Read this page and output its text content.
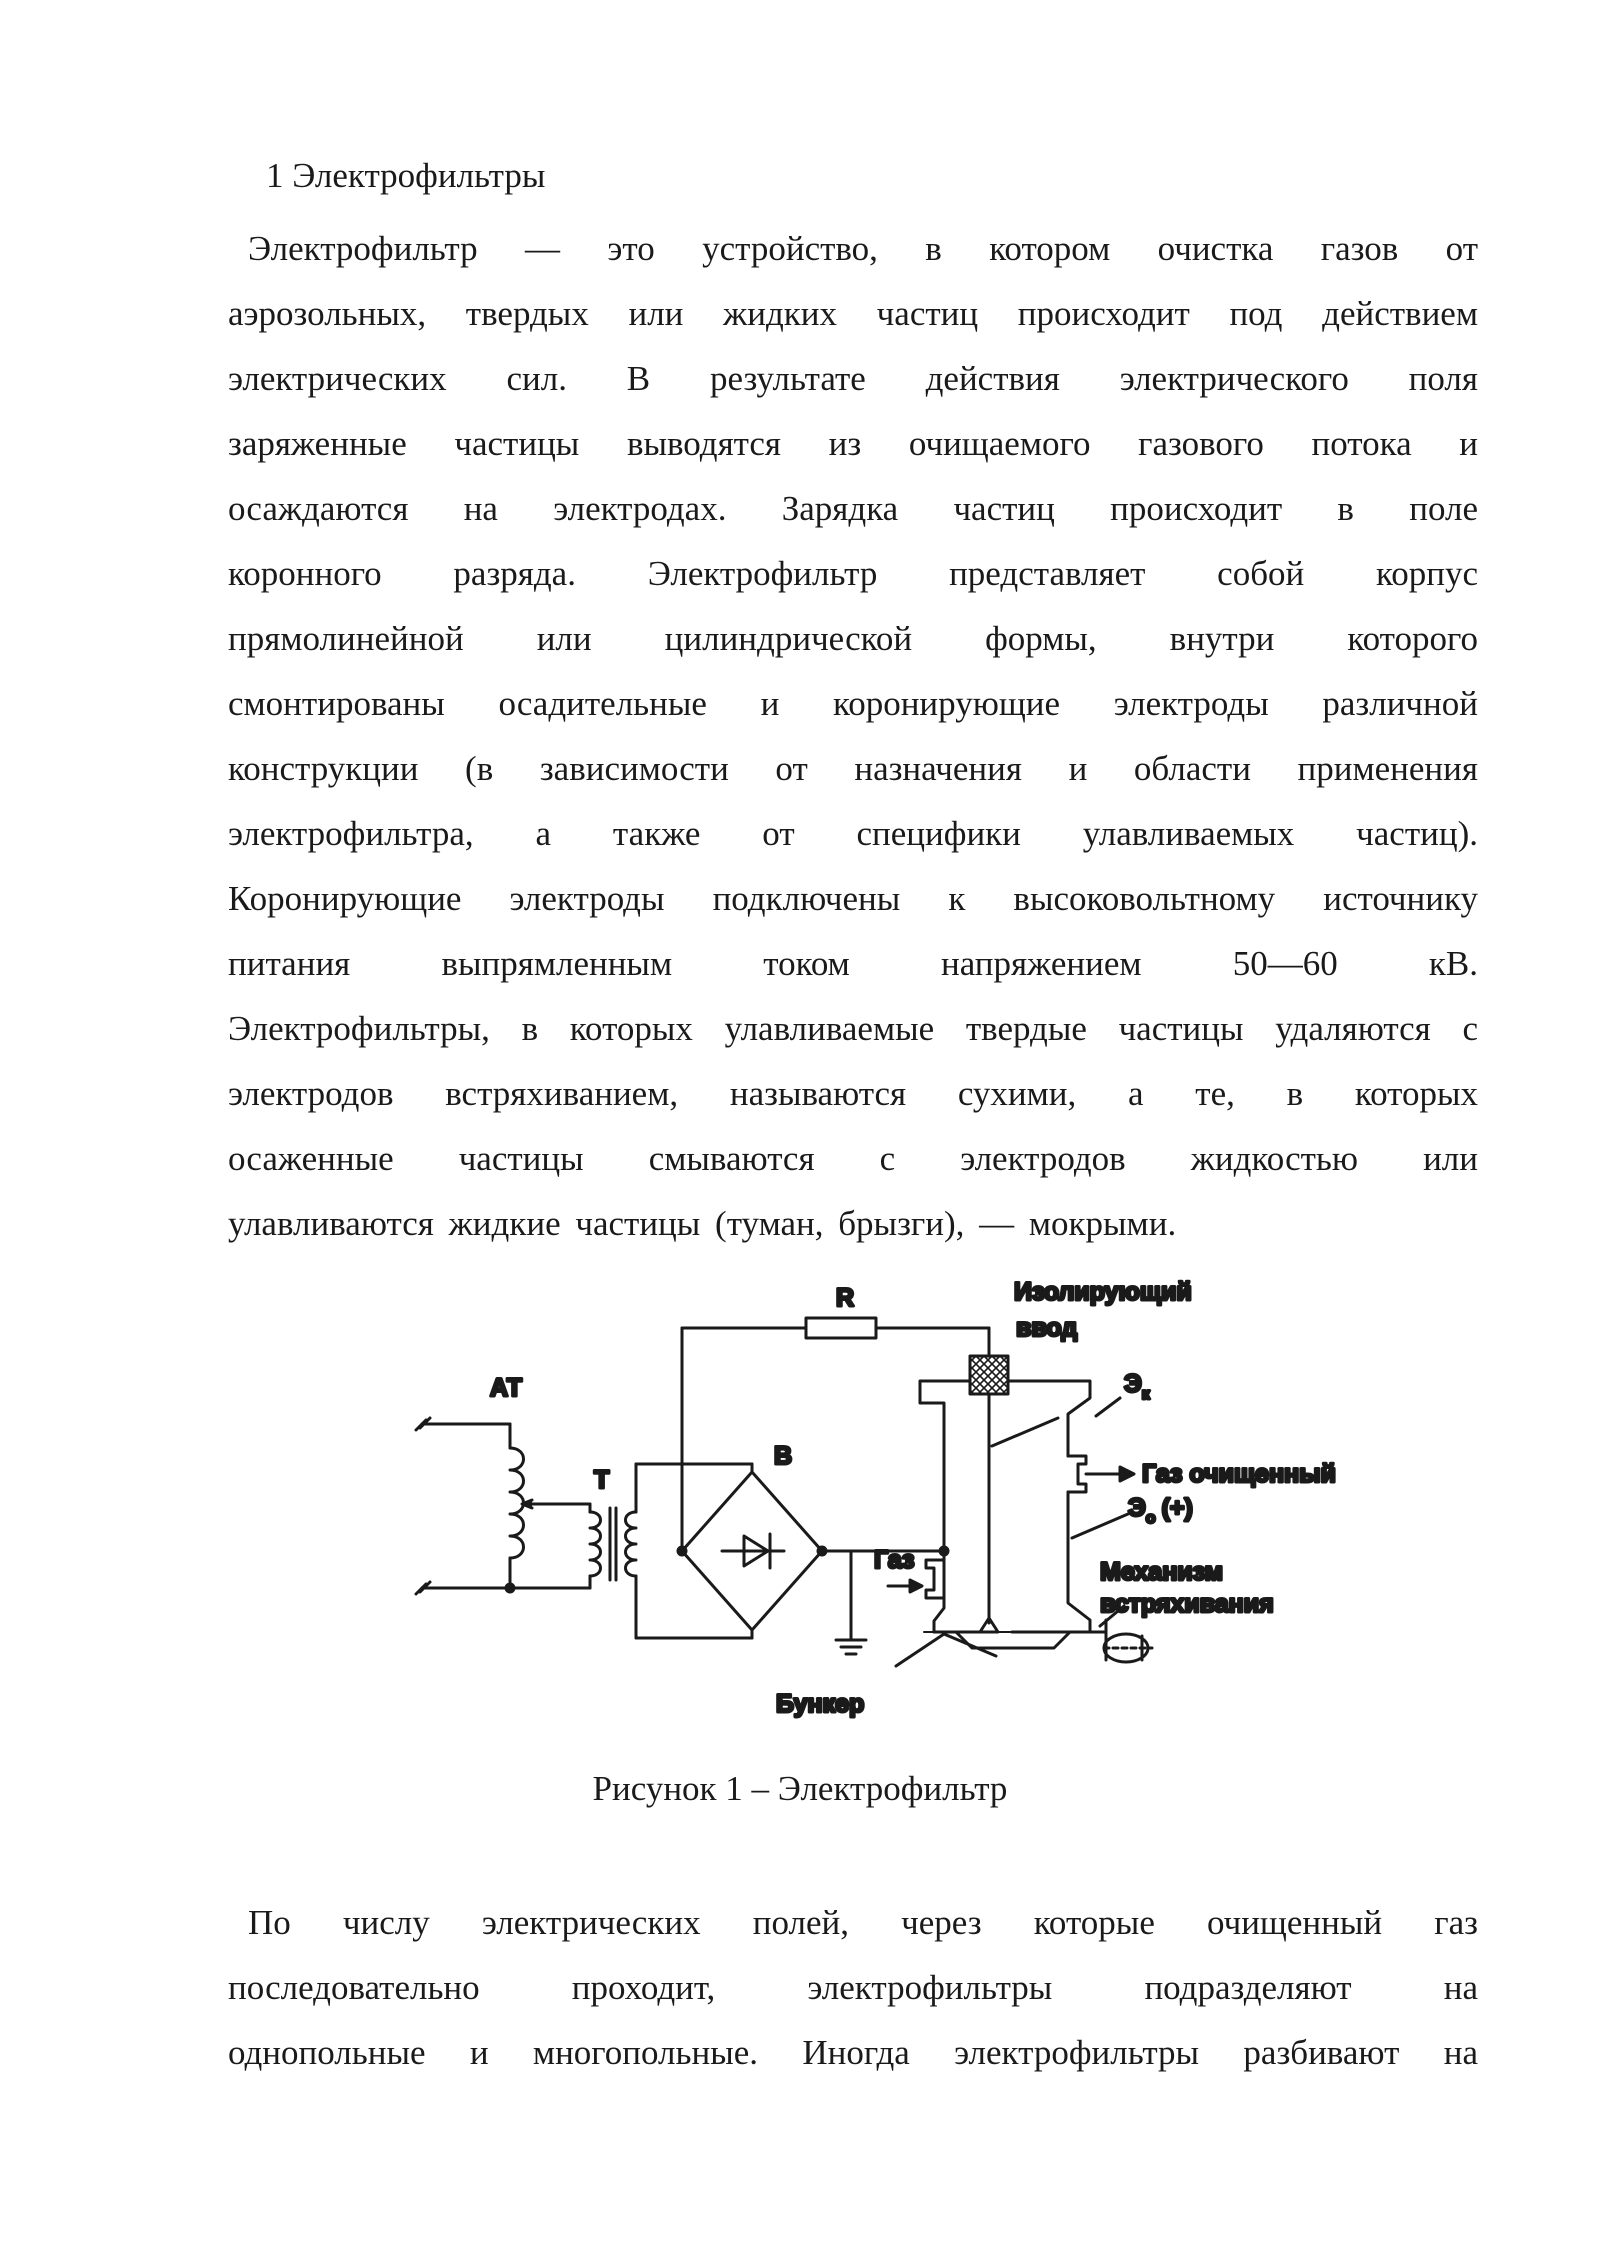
1 Электрофильтры
Электрофильтр — это устройство, в котором очистка газов от
аэрозольных, твердых или жидких частиц происходит под действием
электрических сил. В результате действия электрического поля
заряженные частицы выводятся из очищаемого газового потока и
осаждаются на электродах. Зарядка частиц происходит в поле
коронного разряда. Электрофильтр представляет собой корпус
прямолинейной или цилиндрической формы, внутри которого
смонтированы осадительные и коронирующие электроды различной
конструкции (в зависимости от назначения и области применения
электрофильтра, а также от специфики улавливаемых частиц).
Коронирующие электроды подключены к высоковольтному источнику
питания выпрямленным током напряжением 50—60 кВ.
Электрофильтры, в которых улавливаемые твердые частицы удаляются с
электродов встряхиванием, называются сухими, а те, в которых
осаженные частицы смываются с электродов жидкостью или
улавливаются жидкие частицы (туман, брызги), — мокрыми.
АТ
Т
В
R	Изолирующий
ввод
$Э_к$
Газ очищенный
$Э_о$ (+)
Газ	Механизм
встряхивания
Бункер

Рисунок 1 – Электрофильтр

По числу электрических полей, через которые очищенный газ
последовательно проходит, электрофильтры подразделяют на
однопольные и многопольные. Иногда электрофильтры разбивают на
